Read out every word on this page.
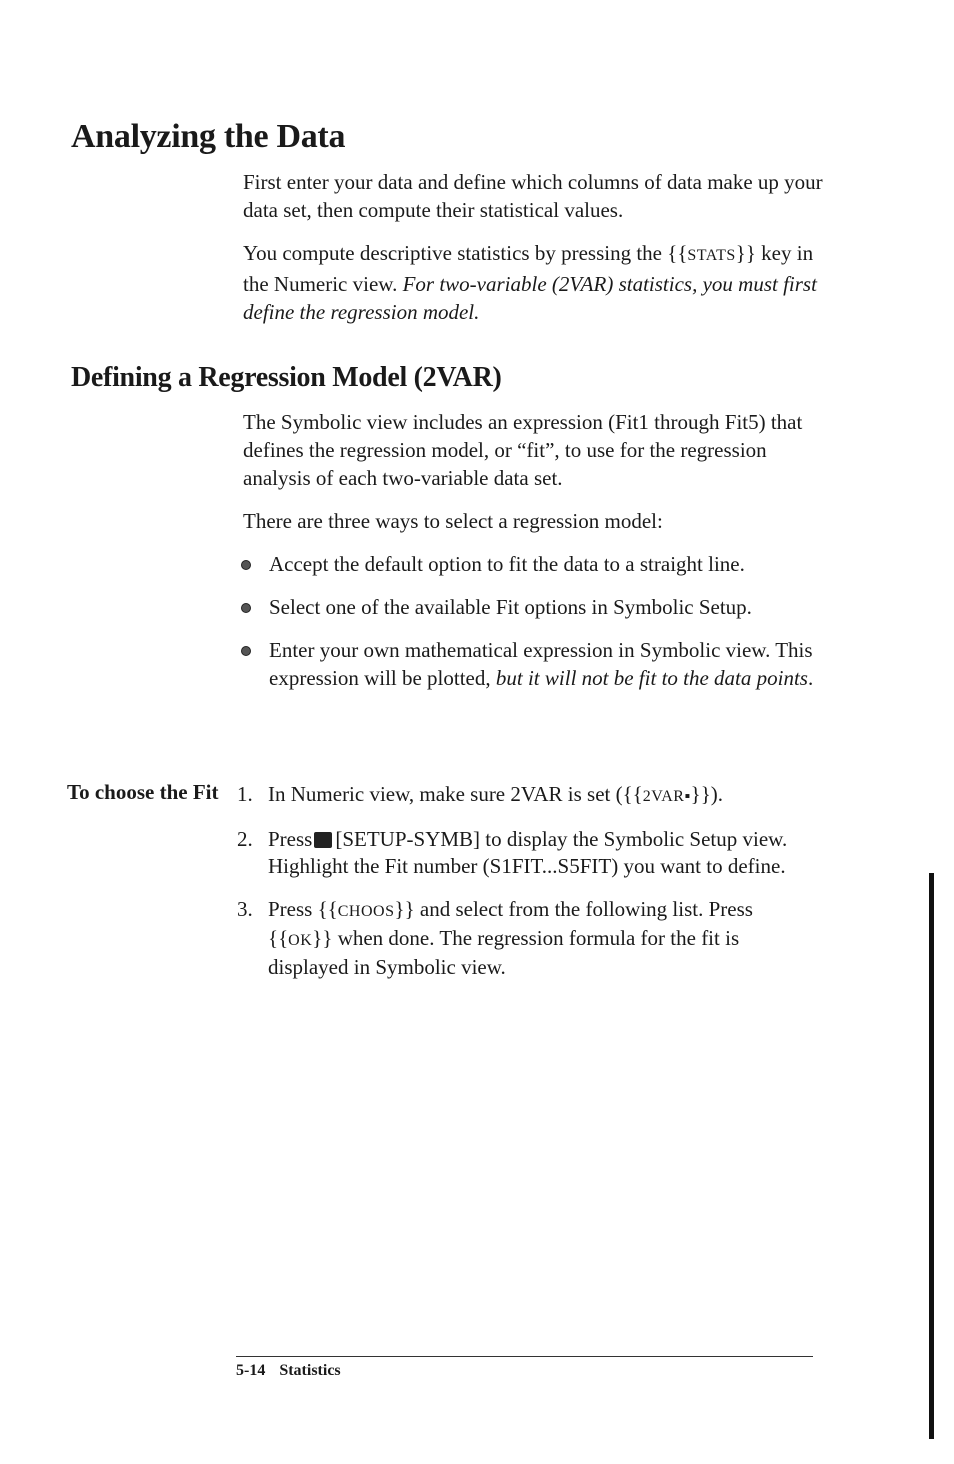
Analyzing the Data

First enter your data and define which columns of data make up your data set, then compute their statistical values.

You compute descriptive statistics by pressing the {{STATS}} key in the Numeric view. For two-variable (2VAR) statistics, you must first define the regression model.

Defining a Regression Model (2VAR)

The Symbolic view includes an expression (Fit1 through Fit5) that defines the regression model, or “fit”, to use for the regression analysis of each two-variable data set.

There are three ways to select a regression model:

Accept the default option to fit the data to a straight line.

Select one of the available Fit options in Symbolic Setup.

Enter your own mathematical expression in Symbolic view. This expression will be plotted, but it will not be fit to the data points.

To choose the Fit 1. In Numeric view, make sure 2VAR is set ({{2VAR▪}}).

2. Press [SETUP-SYMB] to display the Symbolic Setup view. Highlight the Fit number (S1FIT...S5FIT) you want to define.

3. Press {{CHOOS}} and select from the following list. Press {{OK}} when done. The regression formula for the fit is displayed in Symbolic view.

5-14 Statistics
